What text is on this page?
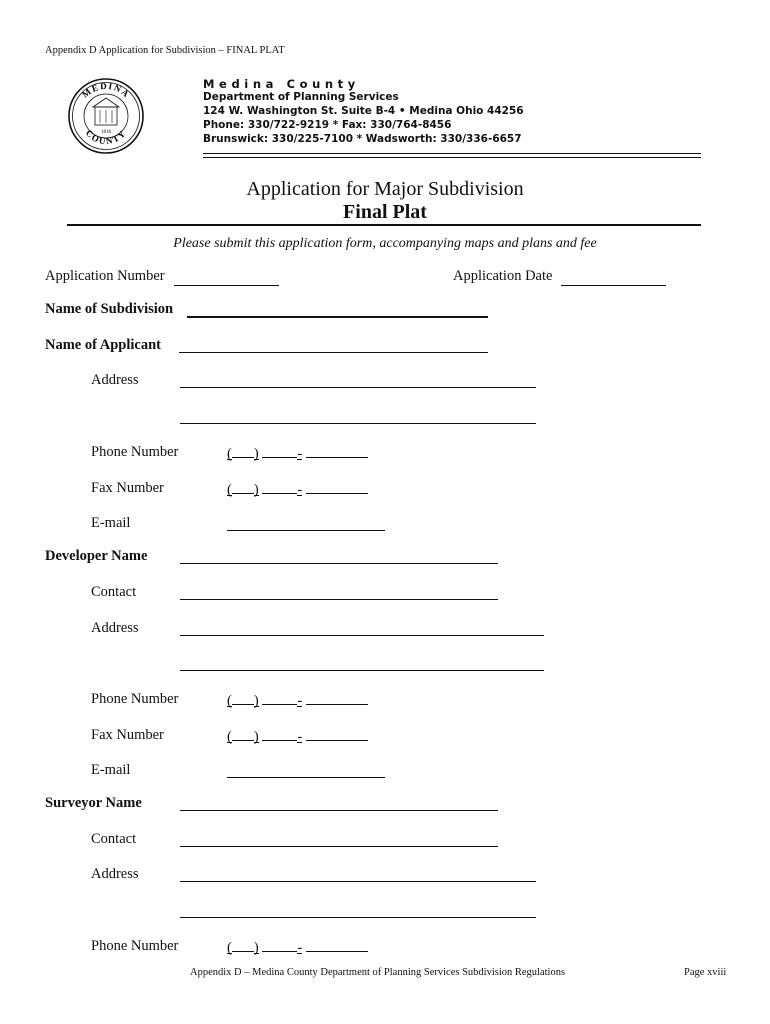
Appendix D Application for Subdivision – FINAL PLAT
MEDINA
COUNTY
1818
Medina County
Department of Planning Services
124 W. Washington St. Suite B-4 • Medina Ohio 44256
Phone: 330/722-9219 * Fax: 330/764-8456
Brunswick: 330/225-7100 * Wadsworth: 330/336-6657
Application for Major Subdivision
Final Plat
Please submit this application form, accompanying maps and plans and fee
Application Number	Application Date
Name of Subdivision
Name of Applicant
Address
Phone Number	( )	-
Fax Number	( )	-
E-mail
Developer Name
Contact
Address
Phone Number	( )	-
Fax Number	( )	-
E-mail
Surveyor Name
Contact
Address
Phone Number	( )	-
Appendix D – Medina County Department of Planning Services Subdivision Regulations	Page xviii
